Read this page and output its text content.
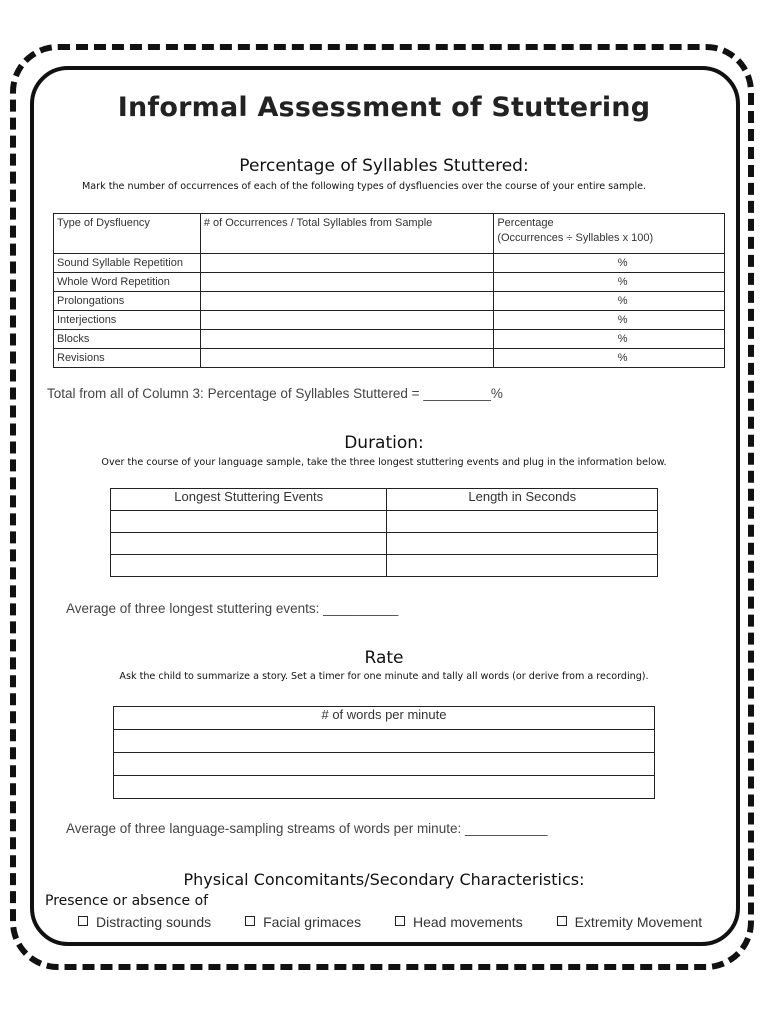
Informal Assessment of Stuttering
Percentage of Syllables Stuttered:
Mark the number of occurrences of each of the following types of dysfluencies over the course of your entire sample.
Type of Dysfluency	# of Occurrences / Total Syllables from Sample	Percentage
(Occurrences ÷ Syllables x 100)
Sound Syllable Repetition		%
Whole Word Repetition		%
Prolongations		%
Interjections		%
Blocks		%
Revisions		%
Total from all of Column 3: Percentage of Syllables Stuttered = _________%
Duration:
Over the course of your language sample, take the three longest stuttering events and plug in the information below.
Longest Stuttering Events	Length in Seconds

Average of three longest stuttering events: __________
Rate
Ask the child to summarize a story. Set a timer for one minute and tally all words (or derive from a recording).
# of words per minute

Average of three language-sampling streams of words per minute: ___________
Physical Concomitants/Secondary Characteristics:
Presence or absence of
Distracting sounds	Facial grimaces	Head movements	Extremity Movement
